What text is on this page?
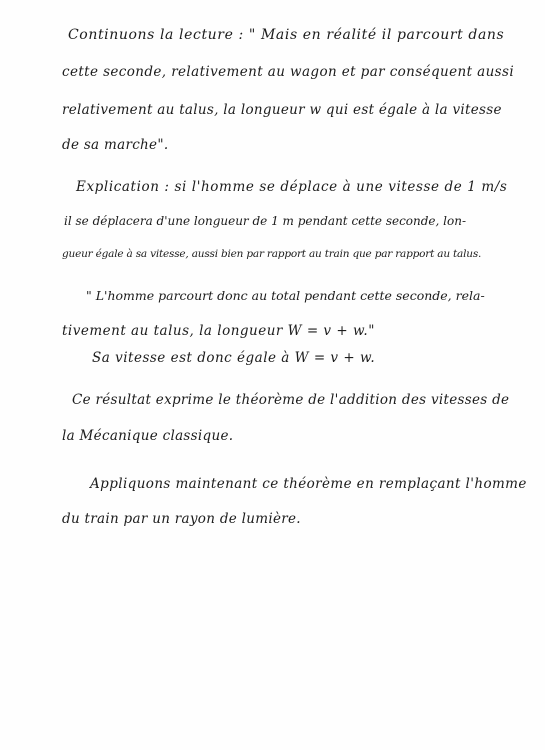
Continuons la lecture : " Mais en réalité il parcourt dans
cette seconde, relativement au wagon et par conséquent aussi
relativement au talus, la longueur w qui est égale à la vitesse
de sa marche".
Explication : si l'homme se déplace à une vitesse de 1 m/s
il se déplacera d'une longueur de 1 m pendant cette seconde, lon-
gueur égale à sa vitesse, aussi bien par rapport au train que par rapport au talus.
" L'homme parcourt donc au total pendant cette seconde, rela-
tivement au talus, la longueur W = v + w."
Sa vitesse est donc égale à W = v + w.
Ce résultat exprime le théorème de l'addition des vitesses de
la Mécanique classique.
Appliquons maintenant ce théorème en remplaçant l'homme
du train par un rayon de lumière.
